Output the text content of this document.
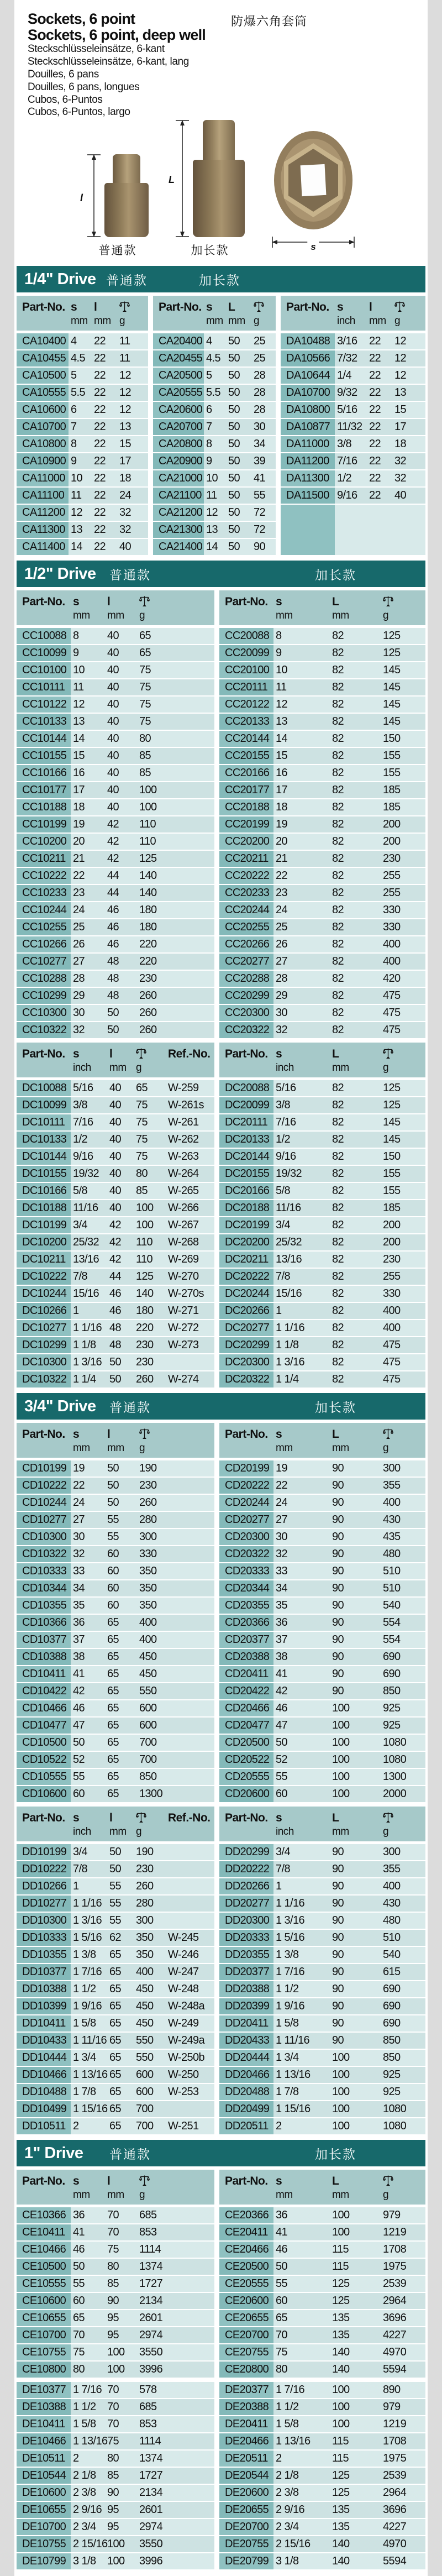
Sockets, 6 point
Sockets, 6 point, deep well
Steckschlüsseleinsätze, 6-kant
Steckschlüsseleinsätze, 6-kant, lang
Douilles, 6 pans
Douilles, 6 pans, longues
Cubos, 6-Puntos
Cubos, 6-Puntos, largo
防爆六角套筒
l
普通款
L
加长款	s
1/4" Drive 普通款	加长款
Part-No. s
mm
l
mm g
CA10400 4	22	11
CA10455 4.5 22	11
CA10500 5	22	12
CA10555 5.5 22	12
CA10600 6	22	12
CA10700 7	22	13
CA10800 8	22	15
CA10900 9	22	17
CA11000 10	22	18
CA11100 11	22	24
CA11200 12	22	32
CA11300 13	22	32
CA11400 14	22	40
Part-No. s
mm
L
mm g
CA20400 4	50	25
CA20455 4.5 50	25
CA20500 5	50	28
CA20555 5.5 50	28
CA20600 6	50	28
CA20700 7	50	30
CA20800 8	50	34
CA20900 9	50	39
CA21000 10 50	41
CA21100 11	50	55
CA21200 12 50	72
CA21300 13 50	72
CA21400 14 50	90
Part-No. s
inch
l
mm g
DA10488 3/16	22	12
DA10566 7/32	22	12
DA10644 1/4	22	12
DA10700 9/32	22	13
DA10800 5/16	22	15
DA10877 11/32 22	17
DA11000 3/8	22	18
DA11200 7/16	22	32
DA11300 1/2	22	32
DA11500 9/16	22	40
1/2" Drive 普通款	加长款
Part-No. s
mm
l
mm	g
CC10088 8	40	65
CC10099 9	40	65
CC10100 10	40	75
CC10111 11	40	75
CC10122 12	40	75
CC10133 13	40	75
CC10144 14	40	80
CC10155 15	40	85
CC10166 16	40	85
CC10177 17	40	100
CC10188 18	40	100
CC10199 19	42	110
CC10200 20	42	110
CC10211 21	42	125
CC10222 22	44	140
CC10233 23	44	140
CC10244 24	46	180
CC10255 25	46	180
CC10266 26	46	220
CC10277 27	48	220
CC10288 28	48	230
CC10299 29	48	260
CC10300 30	50	260
CC10322 32	50	260
Part-No. s
mm
L
mm	g
CC20088 8	82	125
CC20099 9	82	125
CC20100 10	82	145
CC20111 11	82	145
CC20122 12	82	145
CC20133 13	82	145
CC20144 14	82	150
CC20155 15	82	155
CC20166 16	82	155
CC20177 17	82	185
CC20188 18	82	185
CC20199 19	82	200
CC20200 20	82	200
CC20211 21	82	230
CC20222 22	82	255
CC20233 23	82	255
CC20244 24	82	330
CC20255 25	82	330
CC20266 26	82	400
CC20277 27	82	400
CC20288 28	82	420
CC20299 29	82	475
CC20300 30	82	475
CC20322 32	82	475
Part-No. s
inch
l
mm g
Ref.-No.
DC10088 5/16	40	65	W-259
DC10099 3/8	40	75	W-261s
DC10111 7/16	40	75	W-261
DC10133 1/2	40	75	W-262
DC10144 9/16	40	75	W-263
DC10155 19/32 40	80	W-264
DC10166 5/8	40	85	W-265
DC10188 11/16	40	100	W-266
DC10199 3/4	42	100	W-267
DC10200 25/32 42	110	W-268
DC10211 13/16 42	110	W-269
DC10222 7/8	44	125	W-270
DC10244 15/16 46	140	W-270s
DC10266 1	46	180	W-271
DC10277 1 1/16 48	220	W-272
DC10299 1 1/8	48	230	W-273
DC10300 1 3/16 50	230
DC10322 1 1/4	50	260	W-274
Part-No. s
inch
L
mm	g
DC20088 5/16	82	125
DC20099 3/8	82	125
DC20111 7/16	82	145
DC20133 1/2	82	145
DC20144 9/16	82	150
DC20155 19/32	82	155
DC20166 5/8	82	155
DC20188 11/16	82	185
DC20199 3/4	82	200
DC20200 25/32	82	200
DC20211 13/16	82	230
DC20222 7/8	82	255
DC20244 15/16	82	330
DC20266 1	82	400
DC20277 1 1/16	82	400
DC20299 1 1/8	82	475
DC20300 1 3/16	82	475
DC20322 1 1/4	82	475
3/4" Drive 普通款	加长款
Part-No. s
mm
l
mm	g
CD10199 19	50	190
CD10222 22	50	230
CD10244 24	50	260
CD10277 27	55	280
CD10300 30	55	300
CD10322 32	60	330
CD10333 33	60	350
CD10344 34	60	350
CD10355 35	60	350
CD10366 36	65	400
CD10377 37	65	400
CD10388 38	65	450
CD10411 41	65	450
CD10422 42	65	550
CD10466 46	65	600
CD10477 47	65	600
CD10500 50	65	700
CD10522 52	65	700
CD10555 55	65	850
CD10600 60	65	1300
Part-No. s
mm
L
mm	g
CD20199 19	90	300
CD20222 22	90	355
CD20244 24	90	400
CD20277 27	90	430
CD20300 30	90	435
CD20322 32	90	480
CD20333 33	90	510
CD20344 34	90	510
CD20355 35	90	540
CD20366 36	90	554
CD20377 37	90	554
CD20388 38	90	690
CD20411 41	90	690
CD20422 42	90	850
CD20466 46	100	925
CD20477 47	100	925
CD20500 50	100	1080
CD20522 52	100	1080
CD20555 55	100	1300
CD20600 60	100	2000
Part-No. s
inch
l
mm g
Ref.-No.
DD10199 3/4	50	190
DD10222 7/8	50	230
DD10266 1	55	260
DD10277 1 1/16 55	280
DD10300 1 3/16 55	300
DD10333 1 5/16 62	350	W-245
DD10355 1 3/8	65	350	W-246
DD10377 1 7/16 65	400	W-247
DD10388 1 1/2	65	450	W-248
DD10399 1 9/16 65	450	W-248a
DD10411 1 5/8	65	450	W-249
DD10433 1 11/16 65	550	W-249a
DD10444 1 3/4	65	550	W-250b
DD10466 1 13/16 65	600	W-250
DD10488 1 7/8	65	600	W-253
DD10499 1 15/16 65	700
DD10511 2	65	700	W-251
Part-No. s
inch
L
mm	g
DD20299 3/4	90	300
DD20222 7/8	90	355
DD20266 1	90	400
DD20277 1 1/16	90	430
DD20300 1 3/16	90	480
DD20333 1 5/16	90	510
DD20355 1 3/8	90	540
DD20377 1 7/16	90	615
DD20388 1 1/2	90	690
DD20399 1 9/16	90	690
DD20411 1 5/8	90	690
DD20433 1 11/16	90	850
DD20444 1 3/4	100	850
DD20466 1 13/16	100	925
DD20488 1 7/8	100	925
DD20499 1 15/16	100	1080
DD20511 2	100	1080
1" Drive 普通款	加长款
Part-No. s
mm
l
mm	g
CE10366 36	70	685
CE10411 41	70	853
CE10466 46	75	1114
CE10500 50	80	1374
CE10555 55	85	1727
CE10600 60	90	2134
CE10655 65	95	2601
CE10700 70	95	2974
CE10755 75	100	3550
CE10800 80	100	3996
DE10377 1 7/16 70	578
DE10388 1 1/2	70	685
DE10411 1 5/8	70	853
DE10466 1 13/16 75	1114
DE10511 2	80	1374
DE10544 2 1/8	85	1727
DE10600 2 3/8	90	2134
DE10655 2 9/16 95	2601
DE10700 2 3/4	95	2974
DE10755 2 15/16 100	3550
DE10799 3 1/8	100	3996
Part-No. s
mm
L
mm	g
CE20366 36	100	979
CE20411 41	100	1219
CE20466 46	115	1708
CE20500 50	115	1975
CE20555 55	125	2539
CE20600 60	125	2964
CE20655 65	135	3696
CE20700 70	135	4227
CE20755 75	140	4970
CE20800 80	140	5594
DE20377 1 7/16	100	890
DE20388 1 1/2	100	979
DE20411 1 5/8	100	1219
DE20466 1 13/16	115	1708
DE20511 2	115	1975
DE20544 2 1/8	125	2539
DE20600 2 3/8	125	2964
DE20655 2 9/16	135	3696
DE20700 2 3/4	135	4227
DE20755 2 15/16	140	4970
DE20799 3 1/8	140	5594
